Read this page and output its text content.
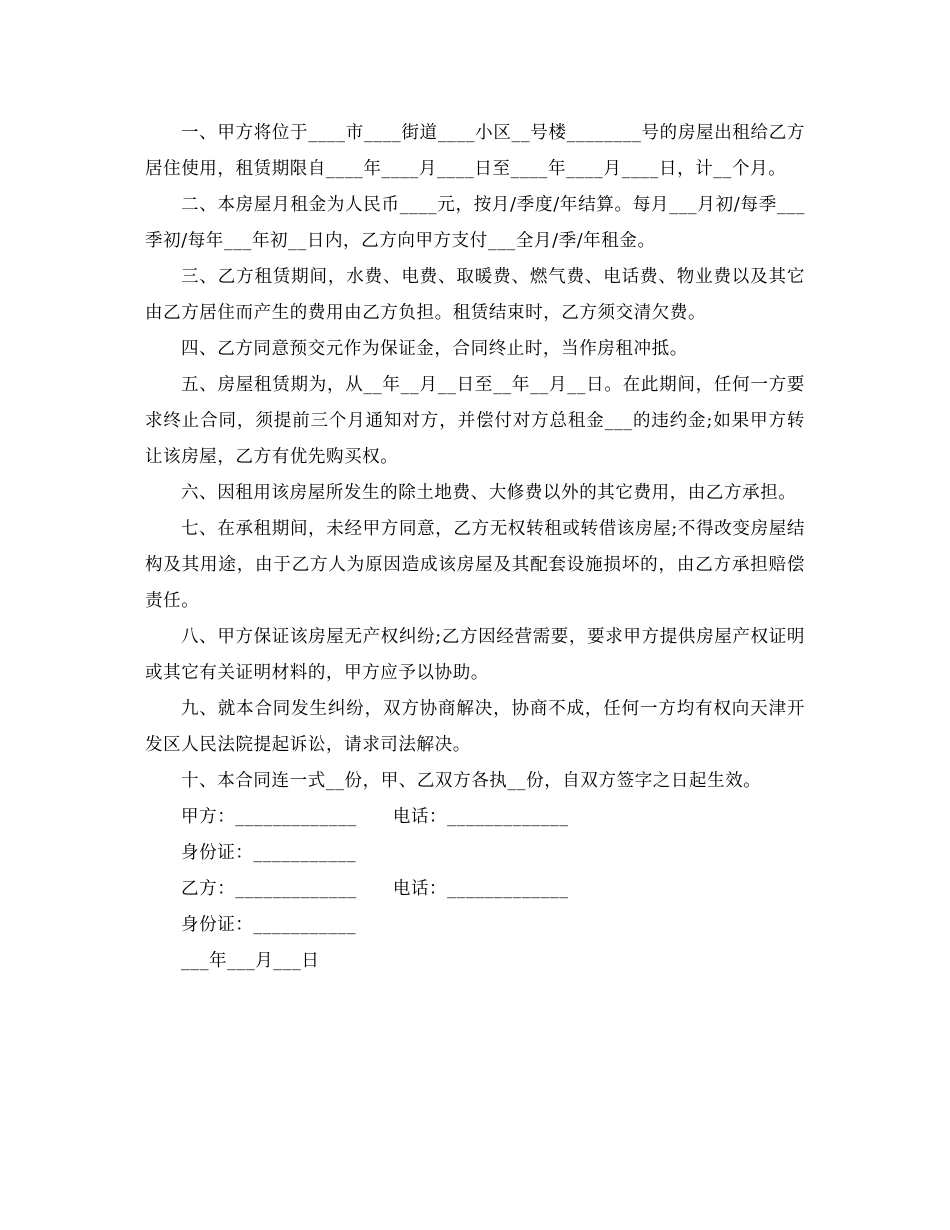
一、甲方将位于____市____街道____小区__号楼________号的房屋出租给乙方居住使用，租赁期限自____年____月____日至____年____月____日，计__个月。

二、本房屋月租金为人民币____元，按月/季度/年结算。每月___月初/每季___季初/每年___年初__日内，乙方向甲方支付___全月/季/年租金。

三、乙方租赁期间，水费、电费、取暖费、燃气费、电话费、物业费以及其它由乙方居住而产生的费用由乙方负担。租赁结束时，乙方须交清欠费。

四、乙方同意预交元作为保证金，合同终止时，当作房租冲抵。

五、房屋租赁期为，从__年__月__日至__年__月__日。在此期间，任何一方要求终止合同，须提前三个月通知对方，并偿付对方总租金___的违约金;如果甲方转让该房屋，乙方有优先购买权。

六、因租用该房屋所发生的除土地费、大修费以外的其它费用，由乙方承担。

七、在承租期间，未经甲方同意，乙方无权转租或转借该房屋;不得改变房屋结构及其用途，由于乙方人为原因造成该房屋及其配套设施损坏的，由乙方承担赔偿责任。

八、甲方保证该房屋无产权纠纷;乙方因经营需要，要求甲方提供房屋产权证明或其它有关证明材料的，甲方应予以协助。

九、就本合同发生纠纷，双方协商解决，协商不成，任何一方均有权向天津开发区人民法院提起诉讼，请求司法解决。

十、本合同连一式__份，甲、乙双方各执__份，自双方签字之日起生效。

甲方：_____________ 电话：_____________

身份证：___________

乙方：_____________ 电话：_____________

身份证：___________

___年___月___日
